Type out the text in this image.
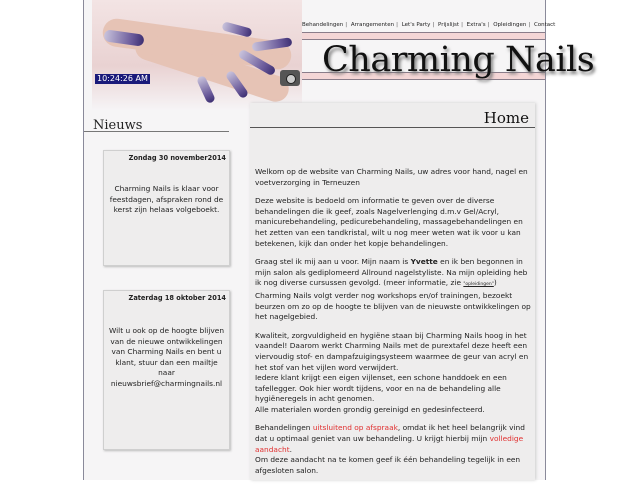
10:24:26 AM
Behandelingen | Arrangementen | Let's Party | Prijslijst | Extra's | Opleidingen | Contact
Charming Nails
Nieuws
Zondag 30 november2014
Charming Nails is klaar voor feestdagen, afspraken rond de kerst zijn helaas volgeboekt.
Zaterdag 18 oktober 2014
Wilt u ook op de hoogte blijven van de nieuwe ontwikkelingen van Charming Nails en bent u klant, stuur dan een mailtje naar nieuwsbrief@charmingnails.nl
Home

Welkom op de website van Charming Nails, uw adres voor hand, nagel en voetverzorging in Terneuzen

Deze website is bedoeld om informatie te geven over de diverse behandelingen die ik geef, zoals Nagelverlenging d.m.v Gel/Acryl, manicurebehandeling, pedicurebehandeling, massagebehandelingen en het zetten van een tandkristal, wilt u nog meer weten wat ik voor u kan betekenen, kijk dan onder het kopje behandelingen.

Graag stel ik mij aan u voor. Mijn naam is Yvette en ik ben begonnen in mijn salon als gediplomeerd Allround nagelstyliste. Na mijn opleiding heb ik nog diverse cursussen gevolgd. (meer informatie, zie "opleidingen")
Charming Nails volgt verder nog workshops en/of trainingen, bezoekt beurzen om zo op de hoogte te blijven van de nieuwste ontwikkelingen op het nagelgebied.

Kwaliteit, zorgvuldigheid en hygiëne staan bij Charming Nails hoog in het vaandel! Daarom werkt Charming Nails met de purextafel deze heeft een viervoudig stof- en dampafzuigingsysteem waarmee de geur van acryl en het stof van het vijlen word verwijdert.
Iedere klant krijgt een eigen vijlenset, een schone handdoek en een tafellegger. Ook hier wordt tijdens, voor en na de behandeling alle hygiëneregels in acht genomen.
Alle materialen worden grondig gereinigd en gedesinfecteerd.

Behandelingen uitsluitend op afspraak, omdat ik het heel belangrijk vind dat u optimaal geniet van uw behandeling. U krijgt hierbij mijn volledige aandacht.
Om deze aandacht na te komen geef ik één behandeling tegelijk in een afgesloten salon.
